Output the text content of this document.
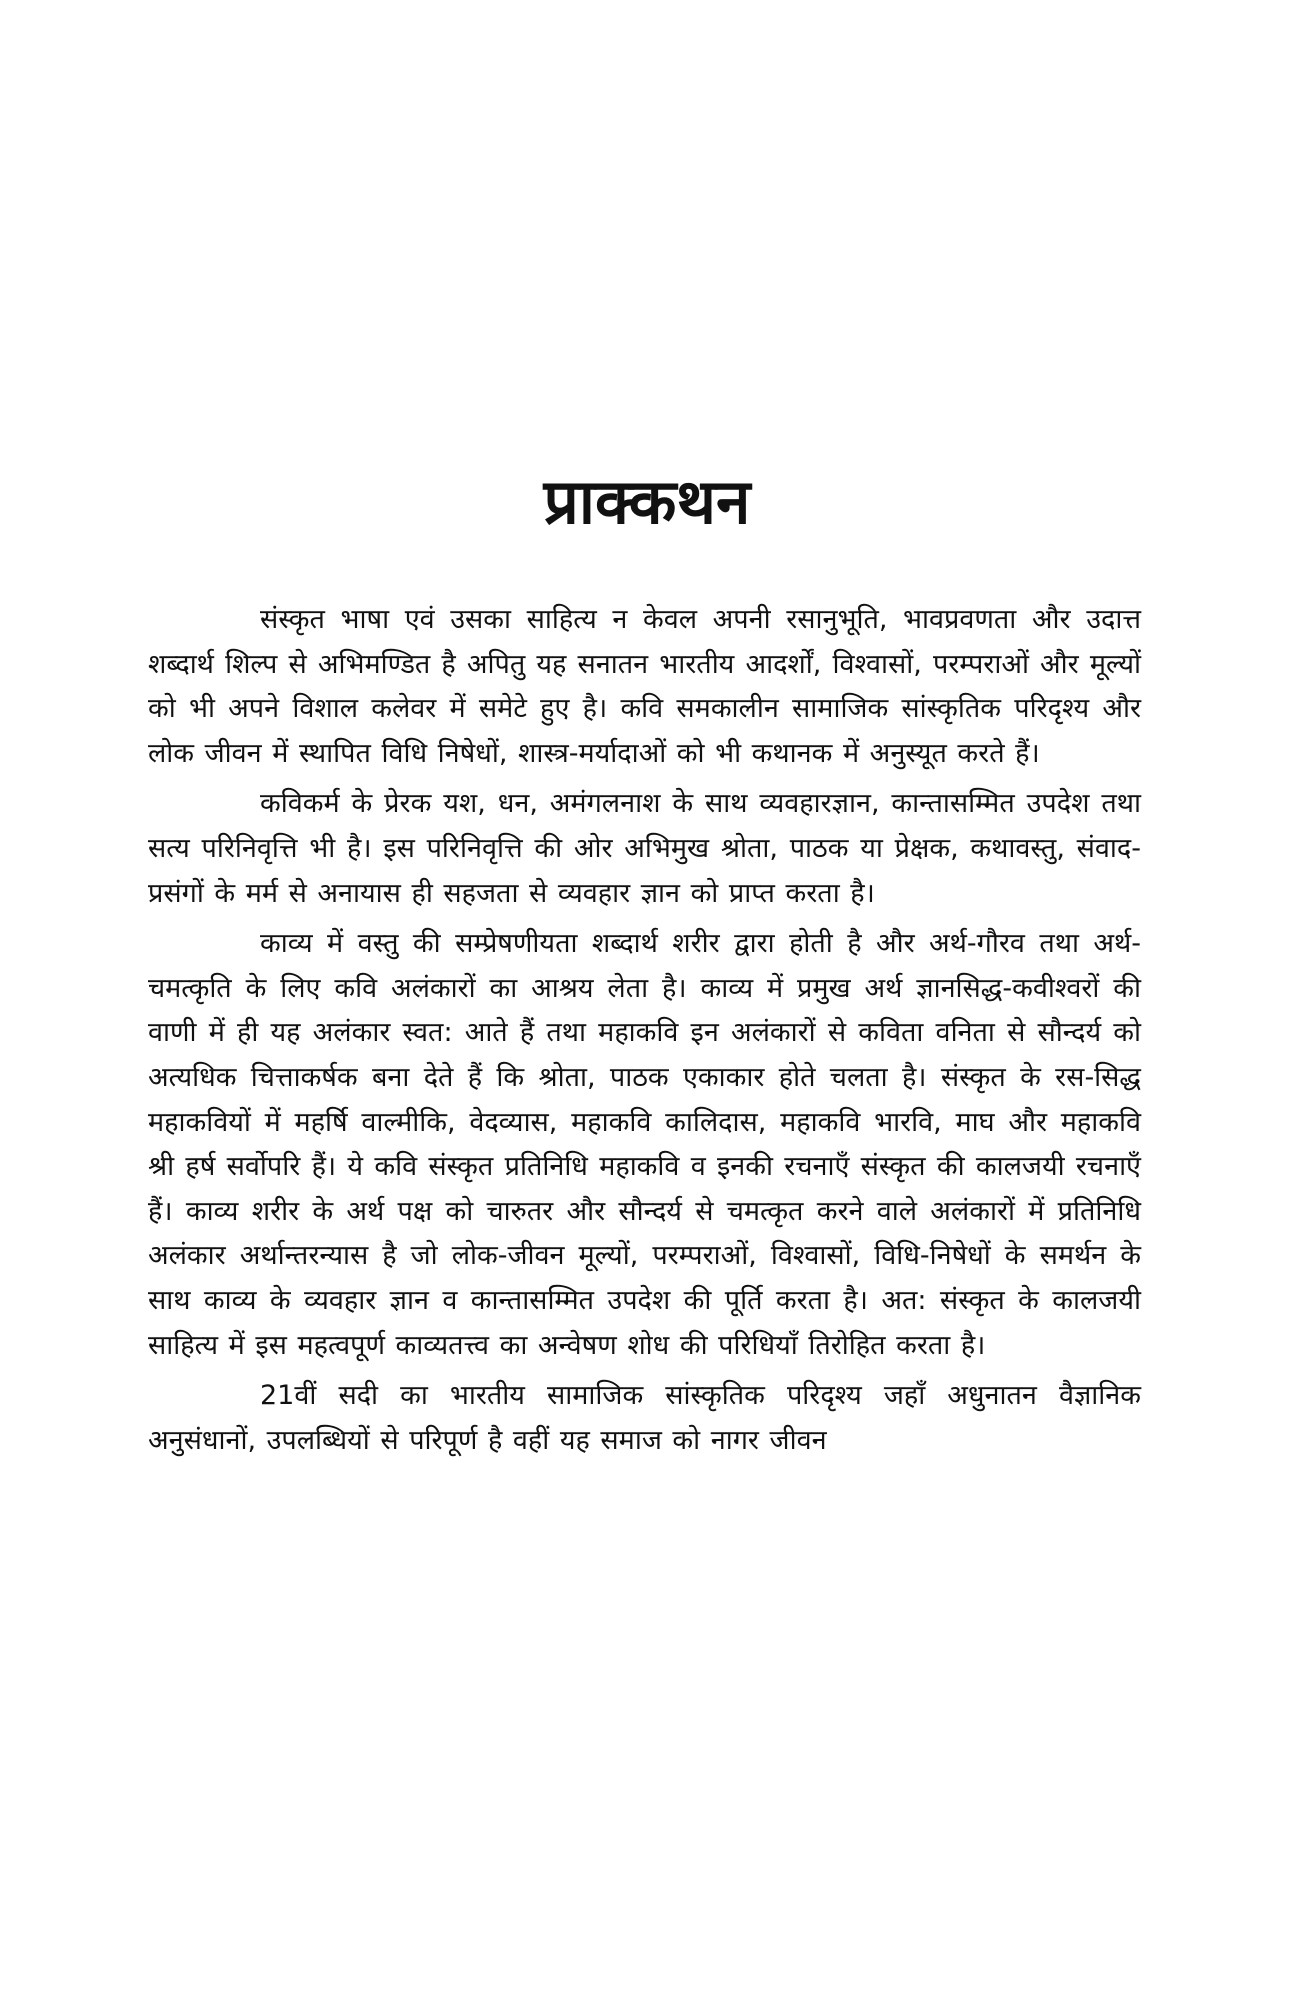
प्राक्कथन

संस्कृत भाषा एवं उसका साहित्य न केवल अपनी रसानुभूति, भावप्रवणता और उदात्त शब्दार्थ शिल्प से अभिमण्डित है अपितु यह सनातन भारतीय आदर्शों, विश्वासों, परम्पराओं और मूल्यों को भी अपने विशाल कलेवर में समेटे हुए है। कवि समकालीन सामाजिक सांस्कृतिक परिदृश्य और लोक जीवन में स्थापित विधि निषेधों, शास्त्र-मर्यादाओं को भी कथानक में अनुस्यूत करते हैं।

कविकर्म के प्रेरक यश, धन, अमंगलनाश के साथ व्यवहारज्ञान, कान्तासम्मित उपदेश तथा सत्य परिनिवृत्ति भी है। इस परिनिवृत्ति की ओर अभिमुख श्रोता, पाठक या प्रेक्षक, कथावस्तु, संवाद-प्रसंगों के मर्म से अनायास ही सहजता से व्यवहार ज्ञान को प्राप्त करता है।

काव्य में वस्तु की सम्प्रेषणीयता शब्दार्थ शरीर द्वारा होती है और अर्थ-गौरव तथा अर्थ-चमत्कृति के लिए कवि अलंकारों का आश्रय लेता है। काव्य में प्रमुख अर्थ ज्ञानसिद्ध-कवीश्वरों की वाणी में ही यह अलंकार स्वत: आते हैं तथा महाकवि इन अलंकारों से कविता वनिता से सौन्दर्य को अत्यधिक चित्ताकर्षक बना देते हैं कि श्रोता, पाठक एकाकार होते चलता है। संस्कृत के रस-सिद्ध महाकवियों में महर्षि वाल्मीकि, वेदव्यास, महाकवि कालिदास, महाकवि भारवि, माघ और महाकवि श्री हर्ष सर्वोपरि हैं। ये कवि संस्कृत प्रतिनिधि महाकवि व इनकी रचनाएँ संस्कृत की कालजयी रचनाएँ हैं। काव्य शरीर के अर्थ पक्ष को चारुतर और सौन्दर्य से चमत्कृत करने वाले अलंकारों में प्रतिनिधि अलंकार अर्थान्तरन्यास है जो लोक-जीवन मूल्यों, परम्पराओं, विश्वासों, विधि-निषेधों के समर्थन के साथ काव्य के व्यवहार ज्ञान व कान्तासम्मित उपदेश की पूर्ति करता है। अत: संस्कृत के कालजयी साहित्य में इस महत्वपूर्ण काव्यतत्त्व का अन्वेषण शोध की परिधियाँ तिरोहित करता है।

21वीं सदी का भारतीय सामाजिक सांस्कृतिक परिदृश्य जहाँ अधुनातन वैज्ञानिक अनुसंधानों, उपलब्धियों से परिपूर्ण है वहीं यह समाज को नागर जीवन
